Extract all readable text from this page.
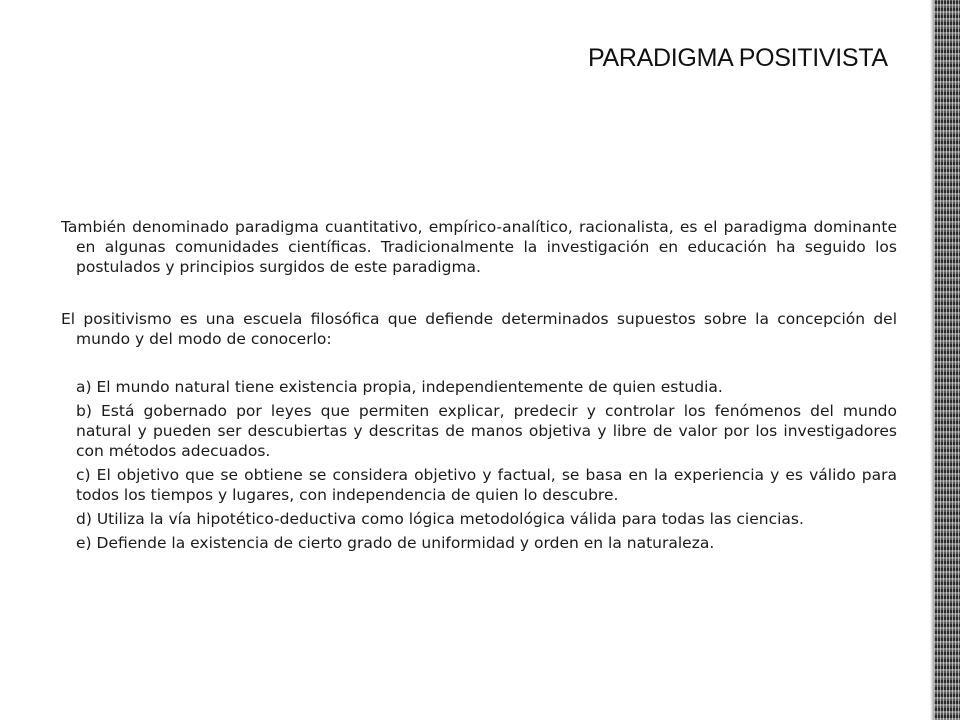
PARADIGMA POSITIVISTA

También denominado paradigma cuantitativo, empírico-analítico, racionalista, es el paradigma dominante en algunas comunidades científicas. Tradicionalmente la investigación en educación ha seguido los postulados y principios surgidos de este paradigma.

El positivismo es una escuela filosófica que defiende determinados supuestos sobre la concepción del mundo y del modo de conocerlo:

a) El mundo natural tiene existencia propia, independientemente de quien estudia.

b) Está gobernado por leyes que permiten explicar, predecir y controlar los fenómenos del mundo natural y pueden ser descubiertas y descritas de manos objetiva y libre de valor por los investigadores con métodos adecuados.

c) El objetivo que se obtiene se considera objetivo y factual, se basa en la experiencia y es válido para todos los tiempos y lugares, con independencia de quien lo descubre.

d) Utiliza la vía hipotético-deductiva como lógica metodológica válida para todas las ciencias.

e) Defiende la existencia de cierto grado de uniformidad y orden en la naturaleza.
